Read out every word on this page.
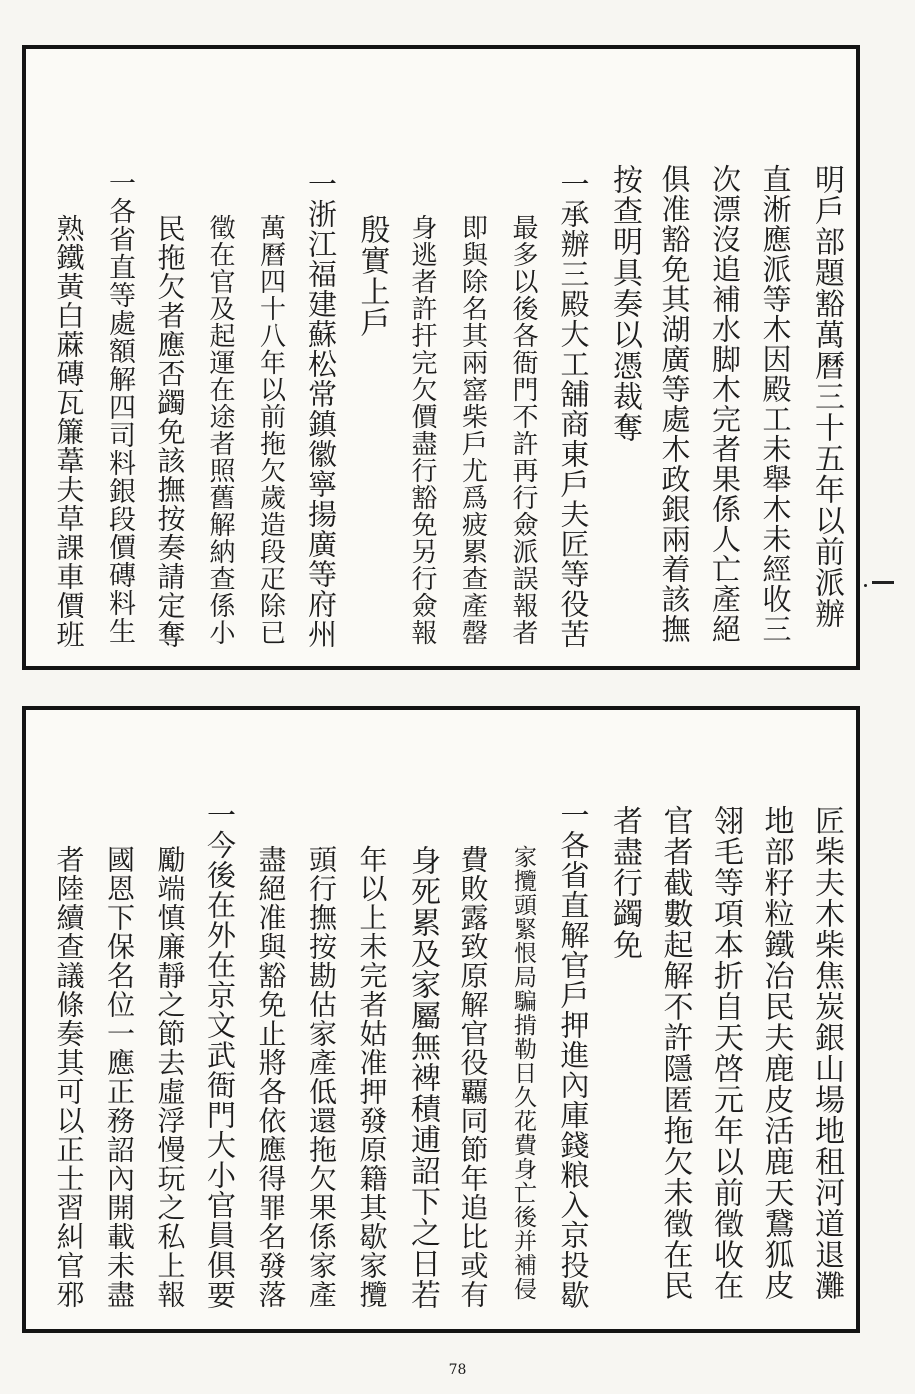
明戶部題豁萬曆三十五年以前派辦
直淅應派等木因殿工未舉木未經收三
次漂沒追補水脚木完者果係人亡產絕
俱准豁免其湖廣等處木政銀兩着該撫
按查明具奏以憑裁奪
一承辦三殿大工舖商東戶夫匠等役苦
最多以後各衙門不許再行僉派誤報者
即與除名其兩窰柴戶尤爲疲累查產罄
身逃者許扞完欠價盡行豁免另行僉報
殷實上戶
一浙江福建蘇松常鎮徽寧揚廣等府州
萬曆四十八年以前拖欠歲造段疋除已
徵在官及起運在途者照舊解納查係小
民拖欠者應否蠲免該撫按奏請定奪
一各省直等處額解四司料銀段價磚料生
熟鐵黃白蔴磚瓦簾葦夫草課車價班
匠柴夫木柴焦炭銀山場地租河道退灘
地部籽粒鐵冶民夫鹿皮活鹿天鵞狐皮
翎毛等項本折自天啓元年以前徵收在
官者截數起解不許隱匿拖欠未徵在民
者盡行蠲免
一各省直解官戶押進內庫錢粮入京投歇
家攬頭緊恨局騙掯勒日久花費身亡後并補侵
費敗露致原解官役覊同節年追比或有
身死累及家屬無裨積逋詔下之日若
年以上未完者姑准押發原籍其歇家攬
頭行撫按勘估家產低還拖欠果係家產
盡絕准與豁免止將各依應得罪名發落
一今後在外在京文武衙門大小官員俱要
勵端慎廉靜之節去虛浮慢玩之私上報
國恩下保名位一應正務詔內開載未盡
者陸續查議條奏其可以正士習糾官邪
78
